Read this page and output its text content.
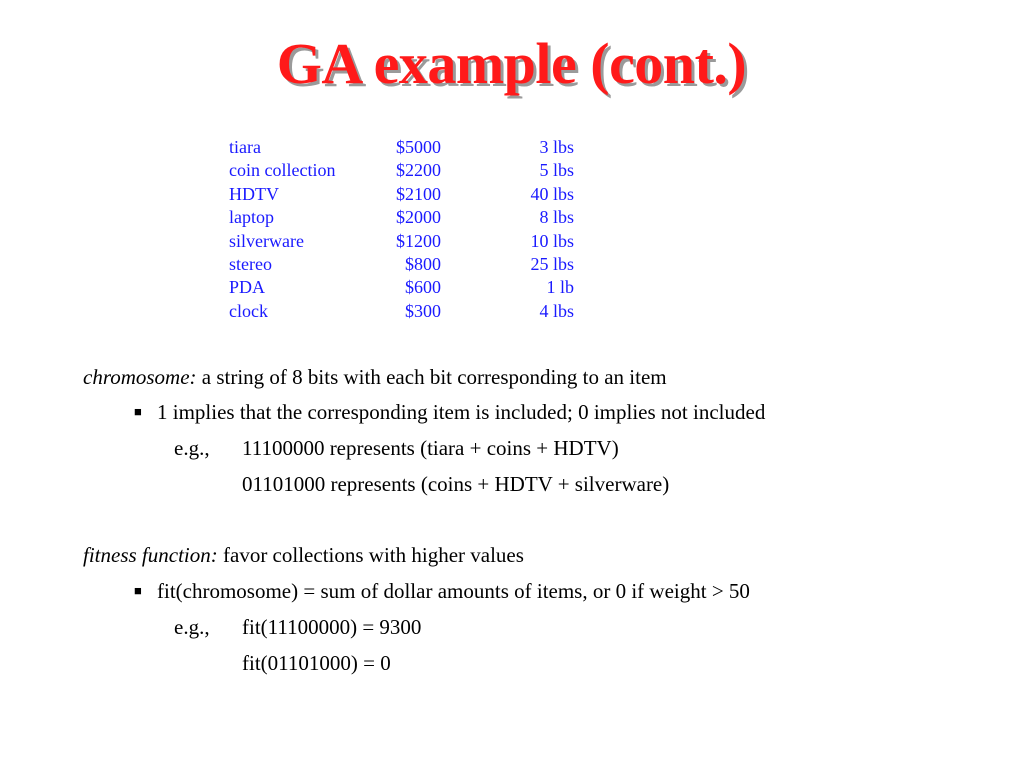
GA example (cont.)
tiara	$5000	3 lbs
coin collection	$2200	5 lbs
HDTV	$2100	40 lbs
laptop	$2000	8 lbs
silverware	$1200	10 lbs
stereo	$800	25 lbs
PDA	$600	1 lb
clock	$300	4 lbs
chromosome: a string of 8 bits with each bit corresponding to an item
■ 1 implies that the corresponding item is included; 0 implies not included
e.g., 11100000 represents (tiara + coins + HDTV)
01101000 represents (coins + HDTV + silverware)
fitness function: favor collections with higher values
■ fit(chromosome) = sum of dollar amounts of items, or 0 if weight > 50
e.g., fit(11100000) = 9300
fit(01101000) = 0
